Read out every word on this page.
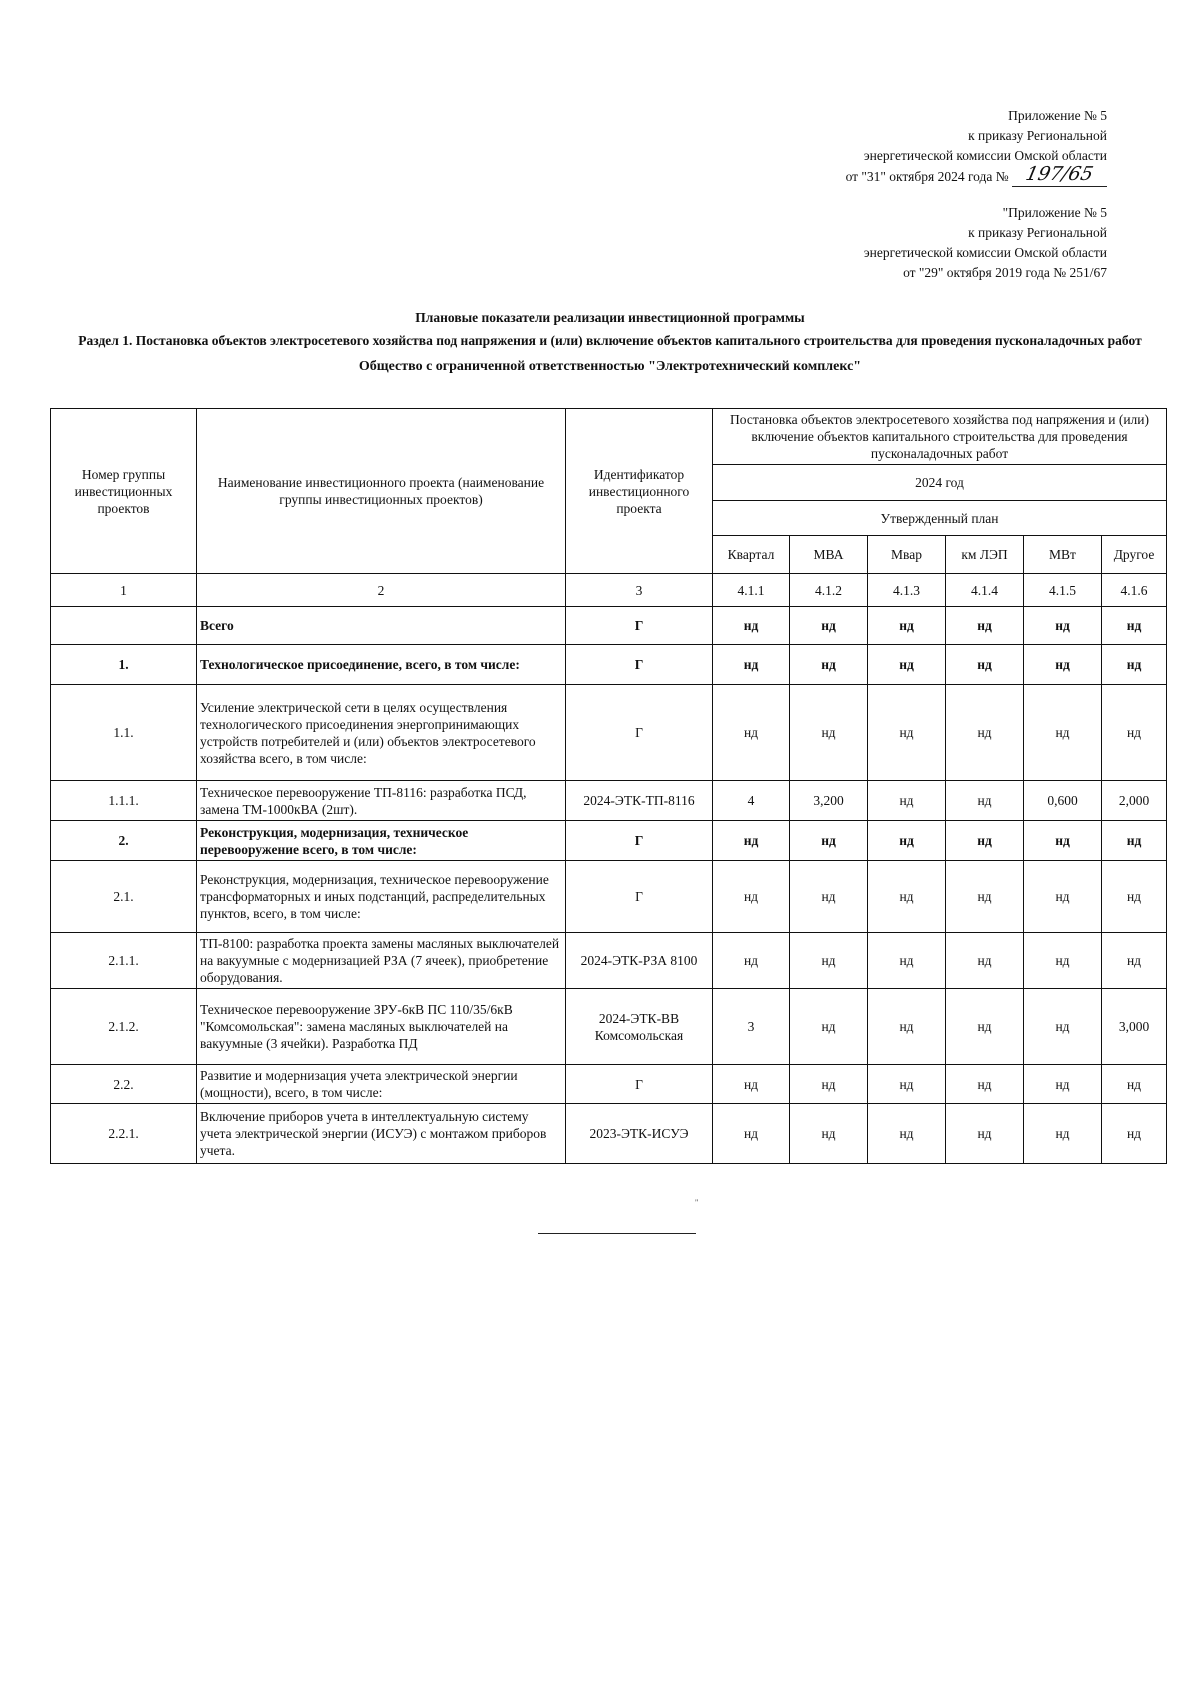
Приложение № 5
к приказу Региональной
энергетической комиссии Омской области
от "31" октября 2024 года № 197/65
"Приложение № 5
к приказу Региональной
энергетической комиссии Омской области
от "29" октября 2019 года № 251/67
Плановые показатели реализации инвестиционной программы
Раздел 1. Постановка объектов электросетевого хозяйства под напряжения и (или) включение объектов капитального строительства для проведения пусконаладочных работ
Общество с ограниченной ответственностью "Электротехнический комплекс"
Номер группы инвестиционных проектов	Наименование инвестиционного проекта (наименование группы инвестиционных проектов)	Идентификатор инвестиционного проекта	Постановка объектов электросетевого хозяйства под напряжения и (или) включение объектов капитального строительства для проведения пусконаладочных работ					
			2024 год					
			Утвержденный план					
			Квартал	МВА	Мвар	км ЛЭП	МВт	Другое
1	2	3	4.1.1	4.1.2	4.1.3	4.1.4	4.1.5	4.1.6
	Всего	Г	нд	нд	нд	нд	нд	нд
1.	Технологическое присоединение, всего, в том числе:	Г	нд	нд	нд	нд	нд	нд
1.1.	Усиление электрической сети в целях осуществления технологического присоединения энергопринимающих устройств потребителей и (или) объектов электросетевого хозяйства всего, в том числе:	Г	нд	нд	нд	нд	нд	нд
1.1.1.	Техническое перевооружение ТП-8116: разработка ПСД, замена ТМ-1000кВА (2шт).	2024-ЭТК-ТП-8116	4	3,200	нд	нд	0,600	2,000
2.	Реконструкция, модернизация, техническое перевооружение всего, в том числе:	Г	нд	нд	нд	нд	нд	нд
2.1.	Реконструкция, модернизация, техническое перевооружение трансформаторных и иных подстанций, распределительных пунктов, всего, в том числе:	Г	нд	нд	нд	нд	нд	нд
2.1.1.	ТП-8100: разработка проекта замены масляных выключателей на вакуумные с модернизацией РЗА (7 ячеек), приобретение оборудования.	2024-ЭТК-РЗА 8100	нд	нд	нд	нд	нд	нд
2.1.2.	Техническое перевооружение ЗРУ-6кВ ПС 110/35/6кВ "Комсомольская": замена масляных выключателей на вакуумные (3 ячейки). Разработка ПД	2024-ЭТК-ВВ Комсомольская	3	нд	нд	нд	нд	3,000
2.2.	Развитие и модернизация учета электрической энергии (мощности), всего, в том числе:	Г	нд	нд	нд	нд	нд	нд
2.2.1.	Включение приборов учета в интеллектуальную систему учета электрической энергии (ИСУЭ) с монтажом приборов учета.	2023-ЭТК-ИСУЭ	нд	нд	нд	нд	нд	нд
"
